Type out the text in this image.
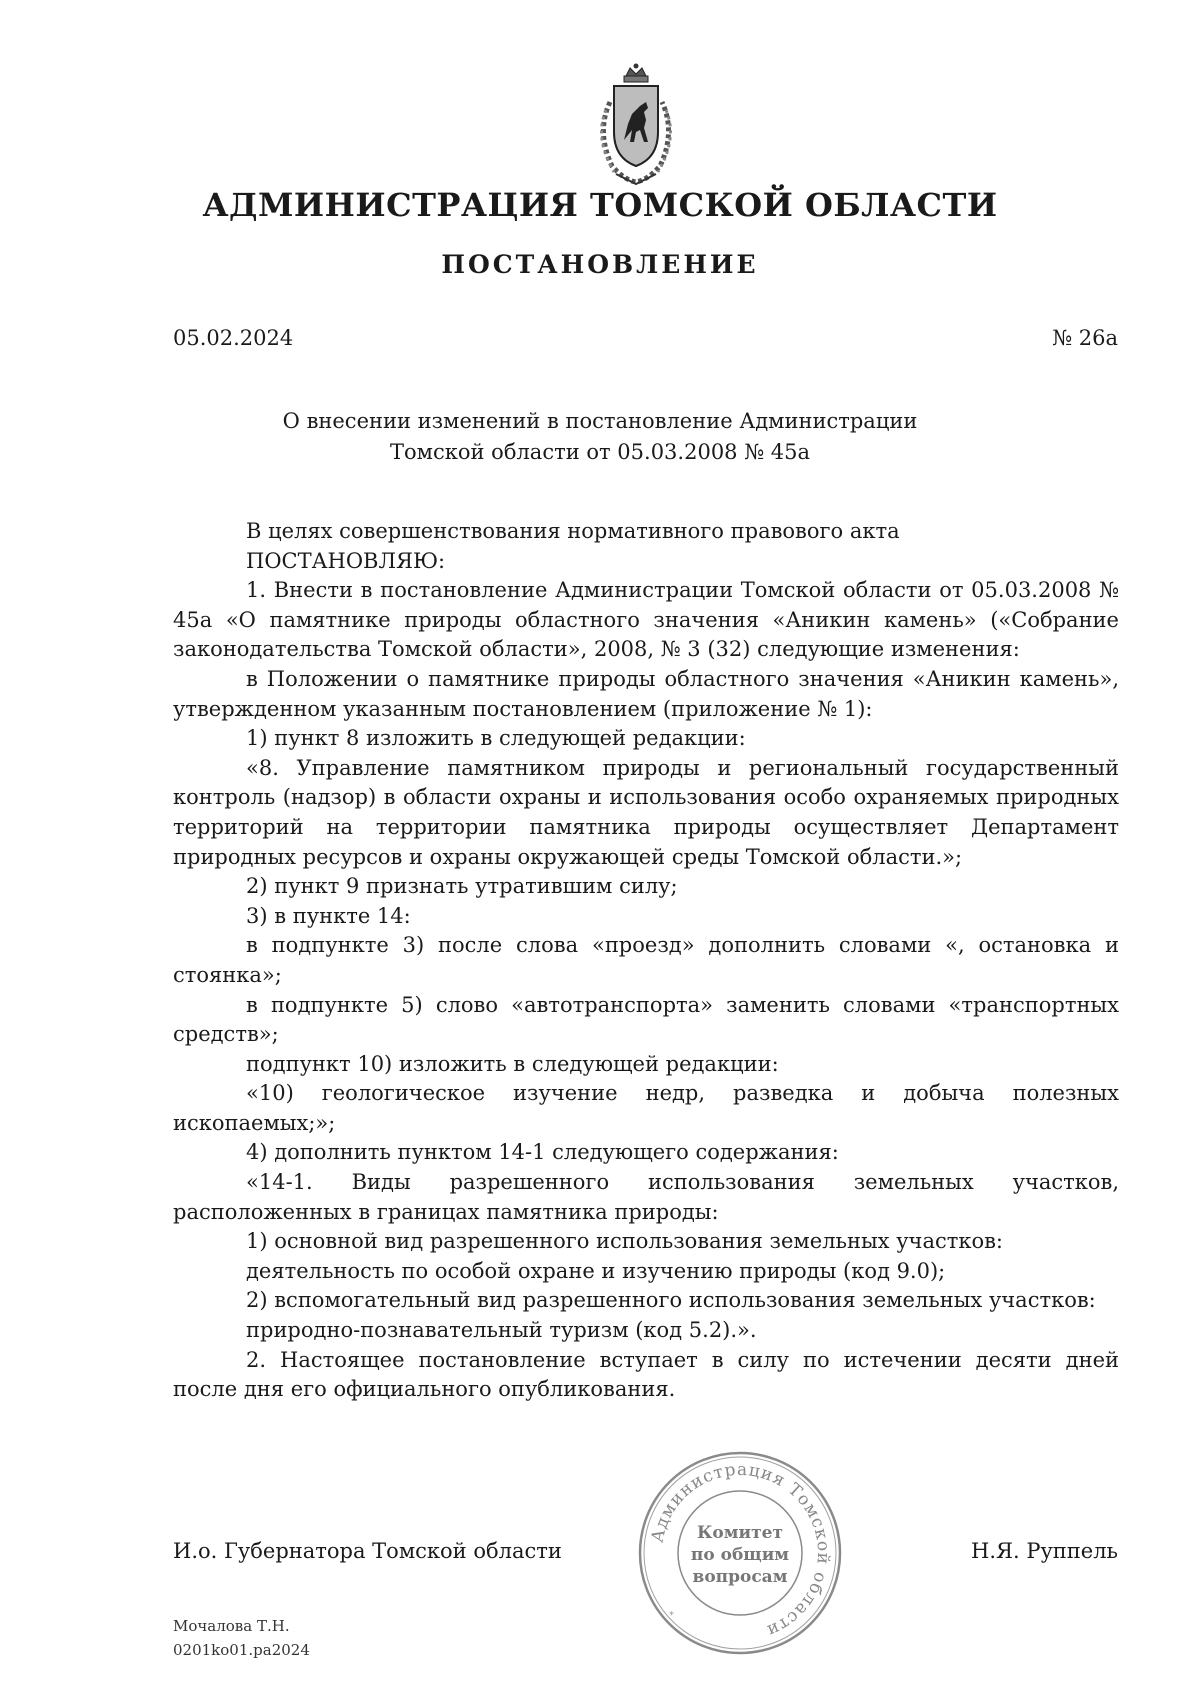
АДМИНИСТРАЦИЯ ТОМСКОЙ ОБЛАСТИ
ПОСТАНОВЛЕНИЕ
05.02.2024	№ 26а
О внесении изменений в постановление Администрации
Томской области от 05.03.2008 № 45а

В целях совершенствования нормативного правового акта

ПОСТАНОВЛЯЮ:

1. Внести в постановление Администрации Томской области от 05.03.2008 № 45а «О памятнике природы областного значения «Аникин камень» («Собрание законодательства Томской области», 2008, № 3 (32) следующие изменения:

в Положении о памятнике природы областного значения «Аникин камень», утвержденном указанным постановлением (приложение № 1):

1) пункт 8 изложить в следующей редакции:

«8. Управление памятником природы и региональный государственный контроль (надзор) в области охраны и использования особо охраняемых природных территорий на территории памятника природы осуществляет Департамент природных ресурсов и охраны окружающей среды Томской области.»;

2) пункт 9 признать утратившим силу;

3) в пункте 14:

в подпункте 3) после слова «проезд» дополнить словами «, остановка и стоянка»;

в подпункте 5) слово «автотранспорта» заменить словами «транспортных средств»;

подпункт 10) изложить в следующей редакции:

«10) геологическое изучение недр, разведка и добыча полезных ископаемых;»;

4) дополнить пунктом 14-1 следующего содержания:

«14-1. Виды разрешенного использования земельных участков, расположенных в границах памятника природы:

1) основной вид разрешенного использования земельных участков:

деятельность по особой охране и изучению природы (код 9.0);

2) вспомогательный вид разрешенного использования земельных участков:

природно-познавательный туризм (код 5.2).».

2. Настоящее постановление вступает в силу по истечении десяти дней после дня его официального опубликования.

Администрация Томской области
Комитет
по общим
вопросам
*
И.о. Губернатора Томской области	Н.Я. Руппель
Мочалова Т.Н.
0201ko01.pa2024
